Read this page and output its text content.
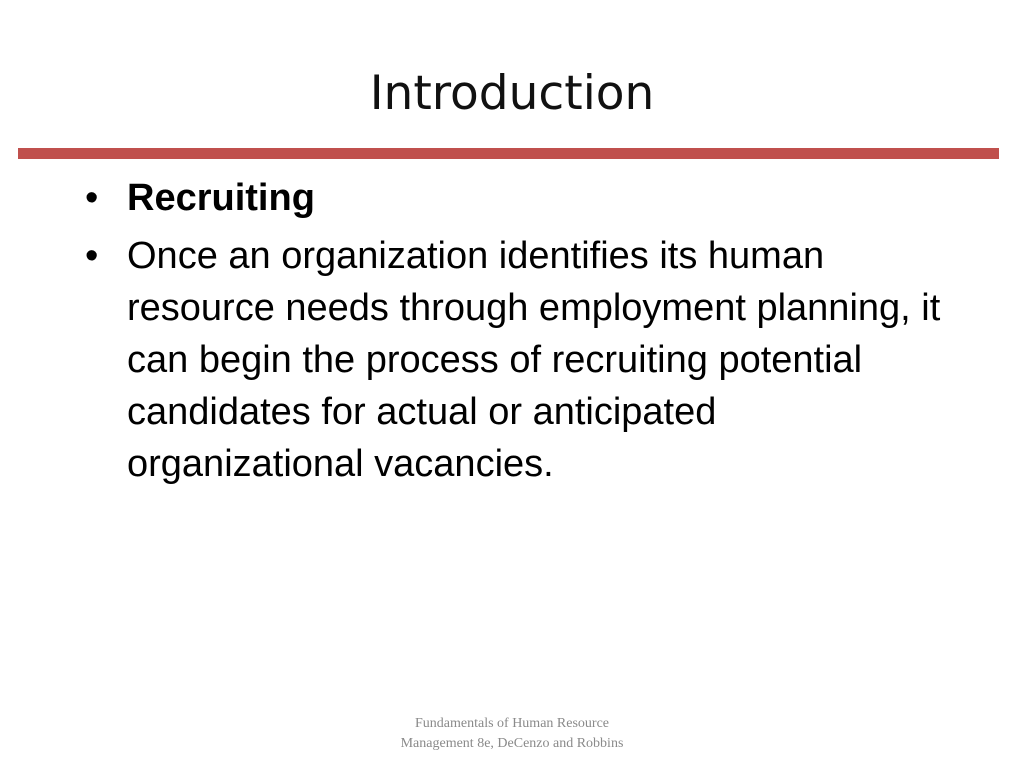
Introduction
• Recruiting
• Once an organization identifies its human resource needs through employment planning, it can begin the process of recruiting potential candidates for actual or anticipated organizational vacancies.
Fundamentals of Human Resource
Management 8e, DeCenzo and Robbins
